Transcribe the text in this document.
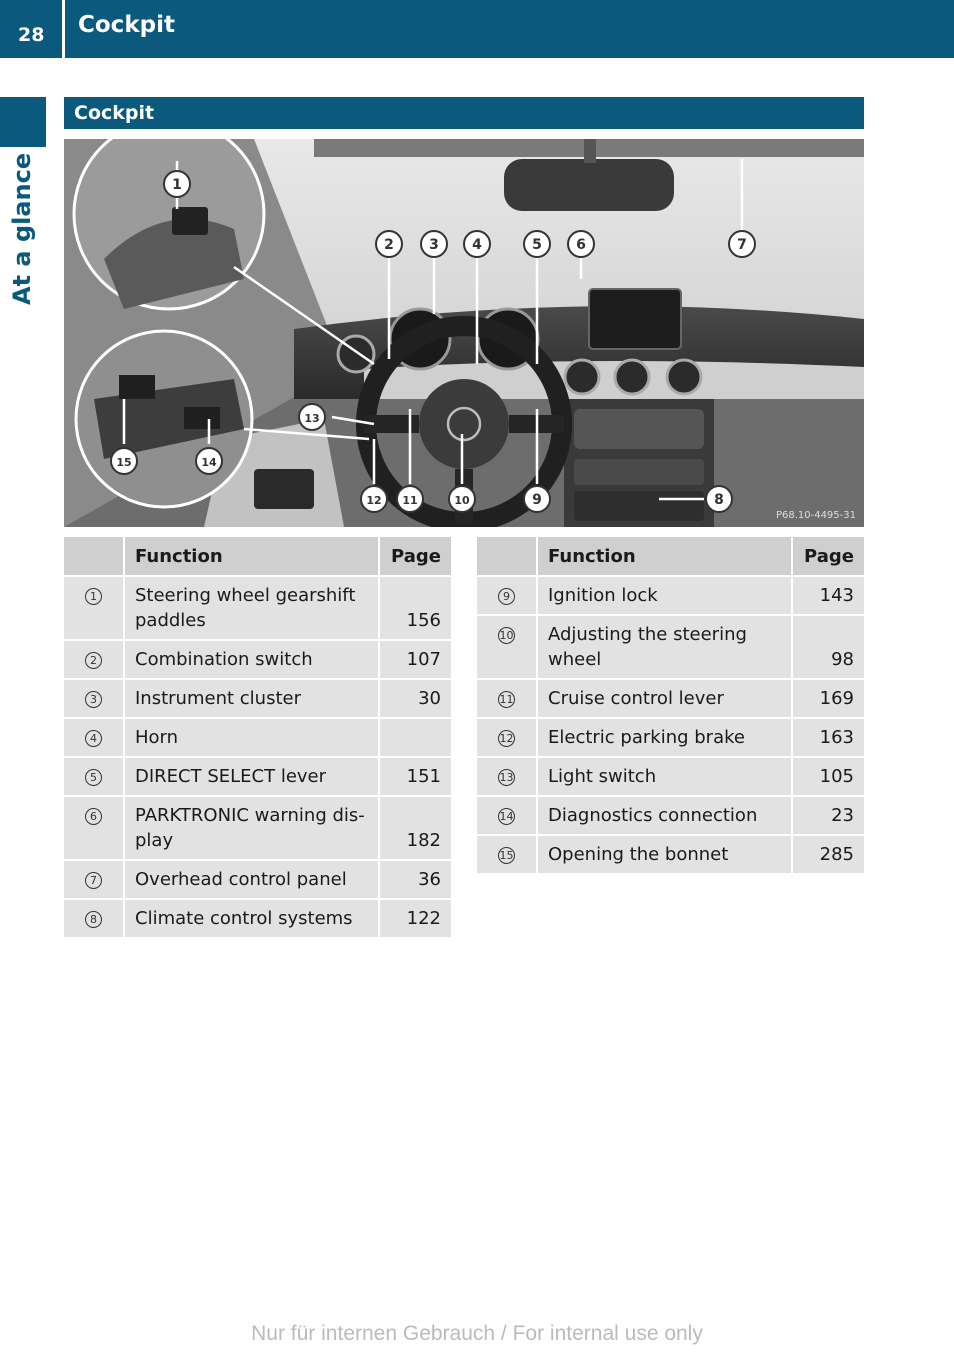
28	Cockpit
At a glance
Cockpit
1
2	3 4	5 6	7
8
9
10
11
12
13
14
15
P68.10-4495-31
	Function	Page
1	Steering wheel gearshift paddles	156
2	Combination switch	107
3	Instrument cluster	30
4	Horn	
5	DIRECT SELECT lever	151
6	PARKTRONIC warning dis-play	182
7	Overhead control panel	36
8	Climate control systems	122
	Function	Page
9	Ignition lock	143
10	Adjusting the steering wheel	98
11	Cruise control lever	169
12	Electric parking brake	163
13	Light switch	105
14	Diagnostics connection	23
15	Opening the bonnet	285
Nur für internen Gebrauch / For internal use only
